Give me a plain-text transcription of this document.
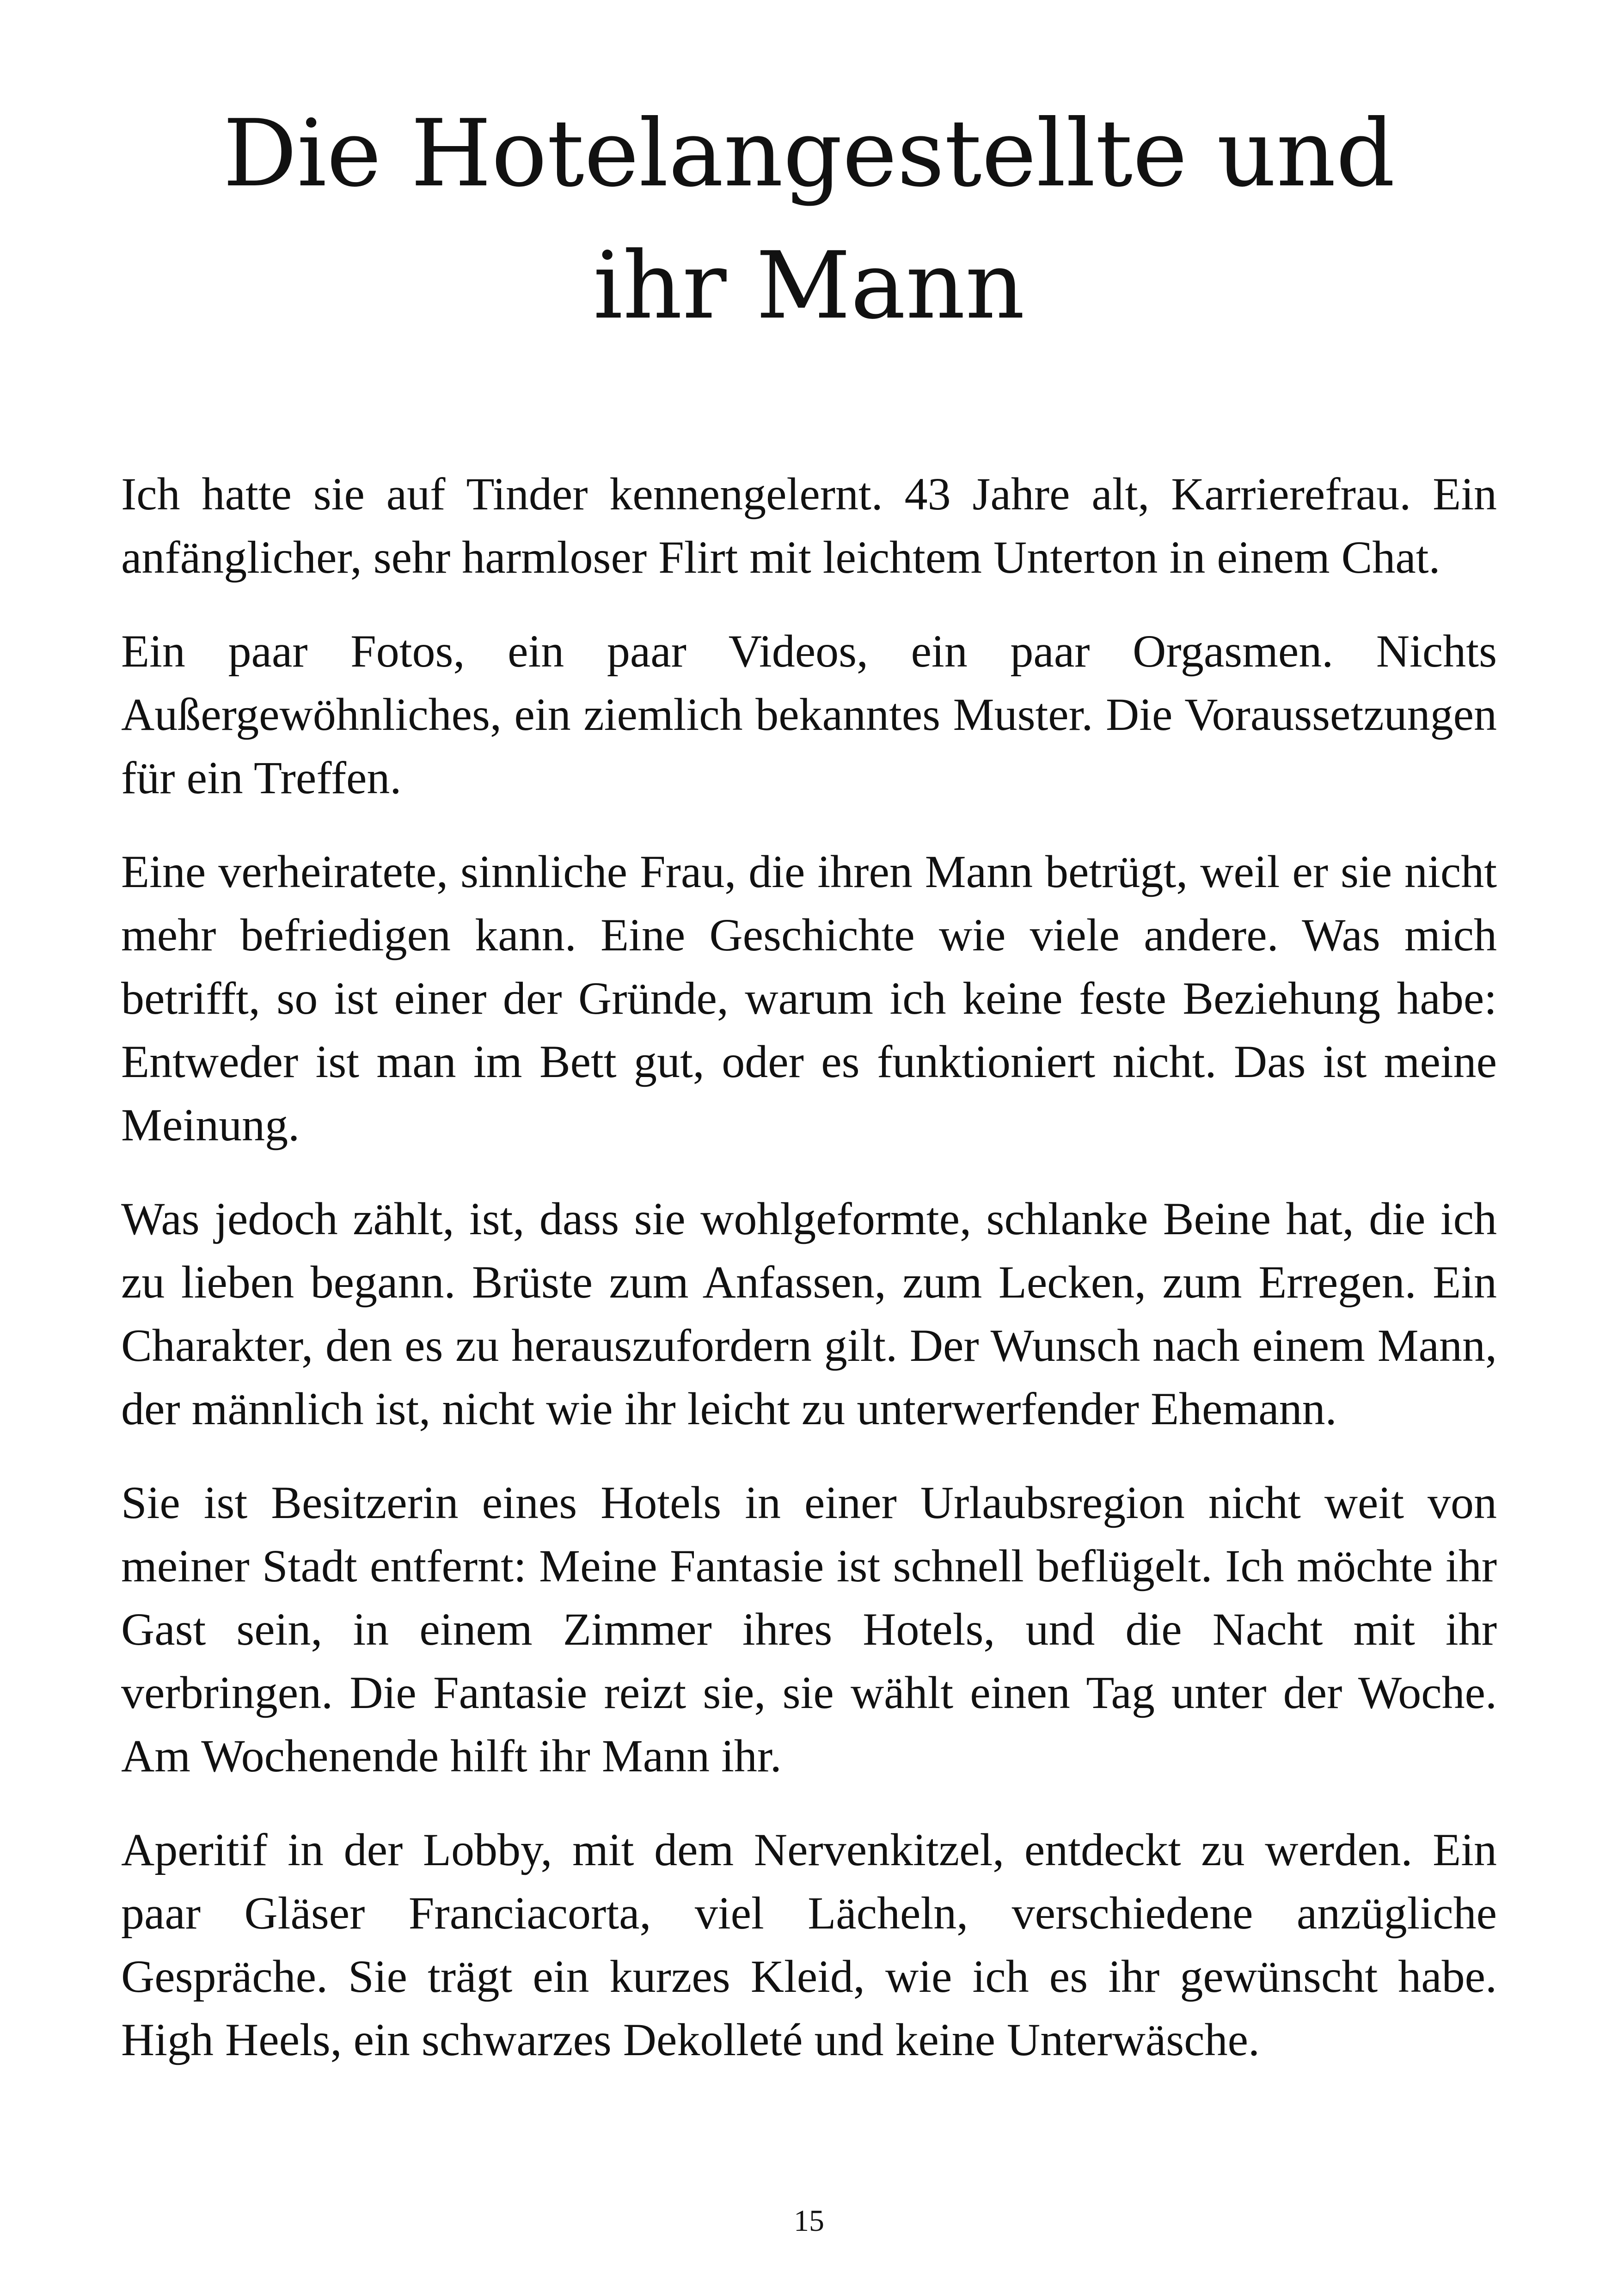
Die Hotelangestellte und ihr Mann

Ich hatte sie auf Tinder kennengelernt. 43 Jahre alt, Karrierefrau. Ein anfänglicher, sehr harmloser Flirt mit leichtem Unterton in einem Chat.

Ein paar Fotos, ein paar Videos, ein paar Orgasmen. Nichts Außergewöhnliches, ein ziemlich bekanntes Muster. Die Voraussetzungen für ein Treffen.

Eine verheiratete, sinnliche Frau, die ihren Mann betrügt, weil er sie nicht mehr befriedigen kann. Eine Geschichte wie viele andere. Was mich betrifft, so ist einer der Gründe, warum ich keine feste Beziehung habe: Entweder ist man im Bett gut, oder es funktioniert nicht. Das ist meine Meinung.

Was jedoch zählt, ist, dass sie wohlgeformte, schlanke Beine hat, die ich zu lieben begann. Brüste zum Anfassen, zum Lecken, zum Erregen. Ein Charakter, den es zu herauszufordern gilt. Der Wunsch nach einem Mann, der männlich ist, nicht wie ihr leicht zu unterwerfender Ehemann.

Sie ist Besitzerin eines Hotels in einer Urlaubsregion nicht weit von meiner Stadt entfernt: Meine Fantasie ist schnell beflügelt. Ich möchte ihr Gast sein, in einem Zimmer ihres Hotels, und die Nacht mit ihr verbringen. Die Fantasie reizt sie, sie wählt einen Tag unter der Woche. Am Wochenende hilft ihr Mann ihr.

Aperitif in der Lobby, mit dem Nervenkitzel, entdeckt zu werden. Ein paar Gläser Franciacorta, viel Lächeln, verschiedene anzügliche Gespräche. Sie trägt ein kurzes Kleid, wie ich es ihr gewünscht habe. High Heels, ein schwarzes Dekolleté und keine Unterwäsche.

15
